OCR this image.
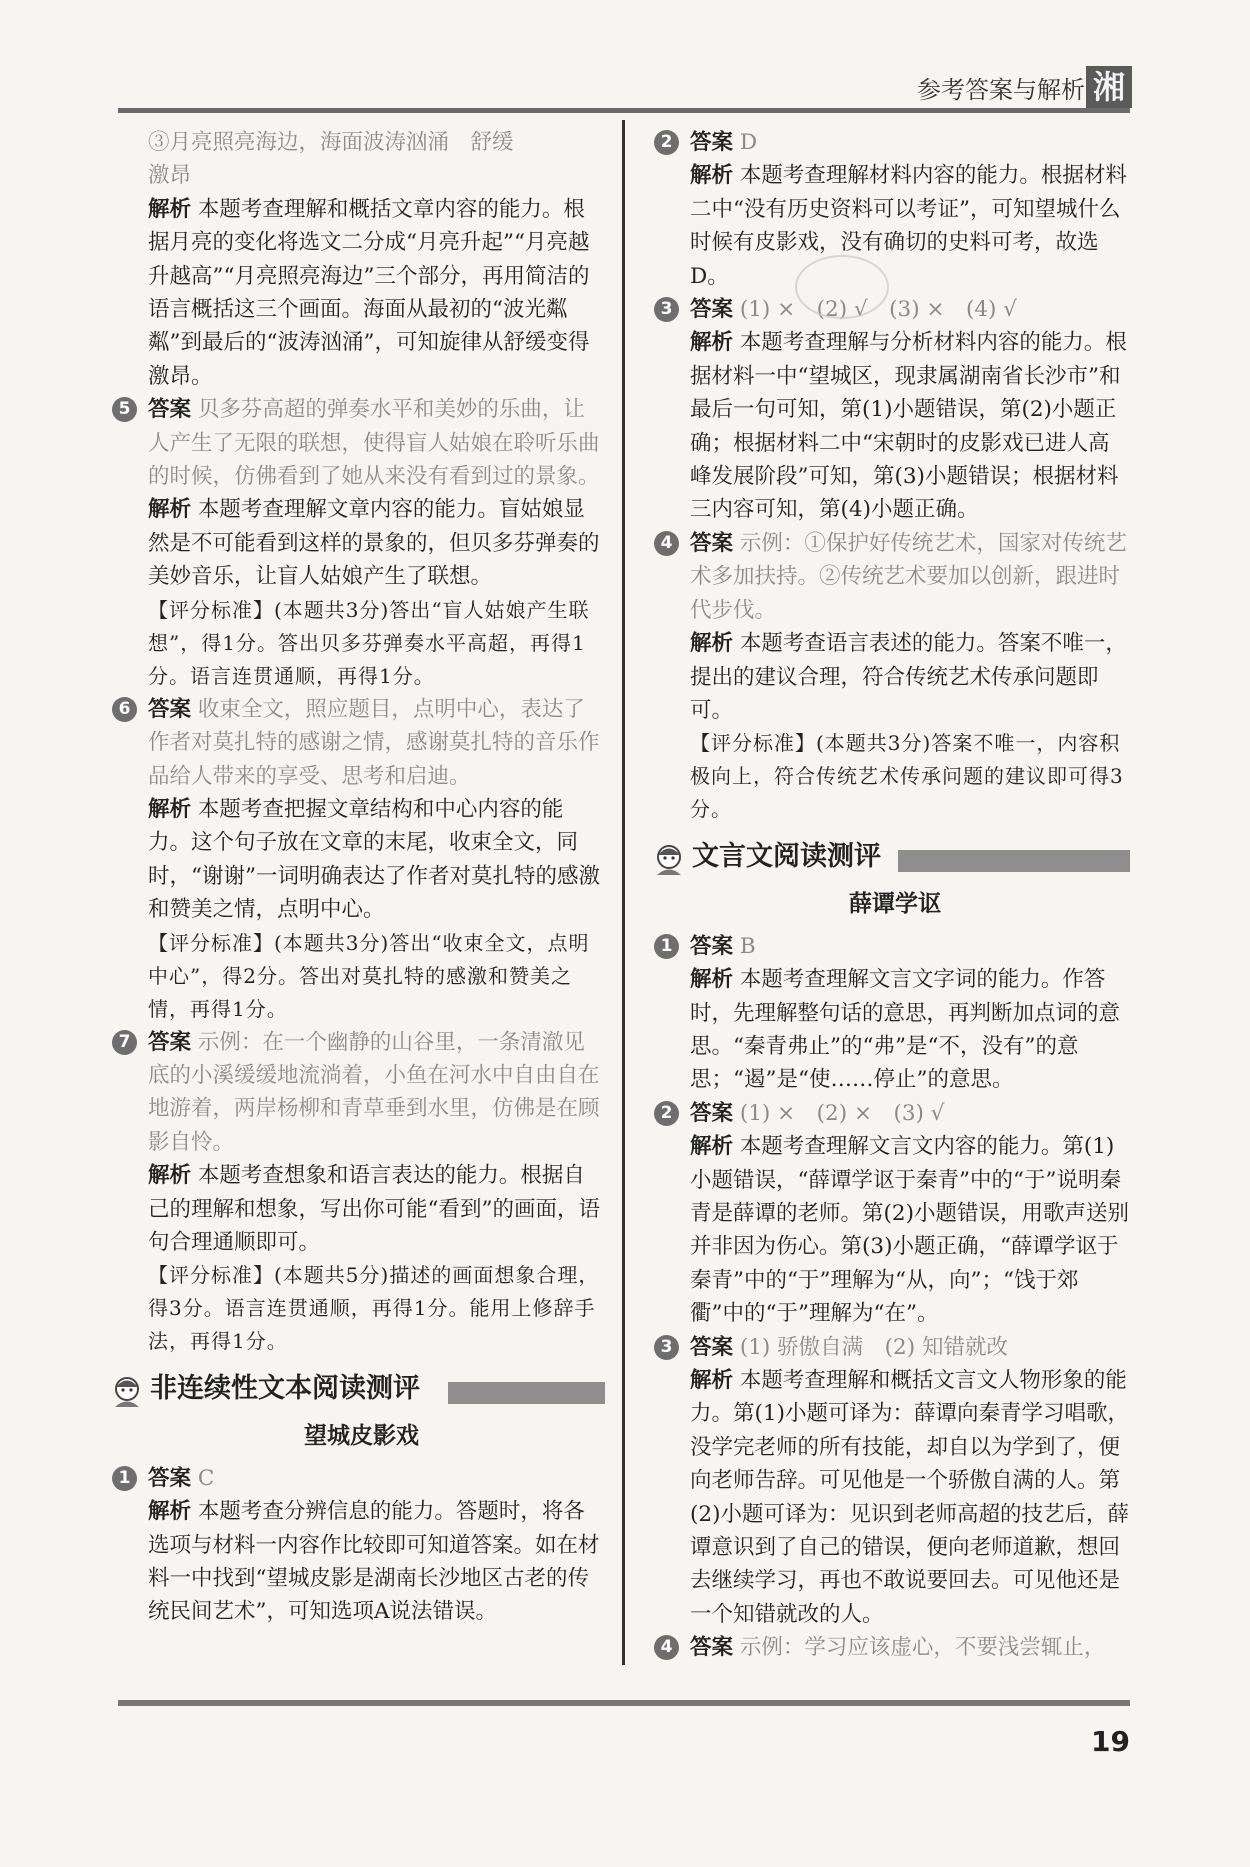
参考答案与解析 湘

③月亮照亮海边，海面波涛汹涌　舒缓

激昂

解析 本题考查理解和概括文章内容的能力。根据月亮的变化将选文二分成“月亮升起”“月亮越升越高”“月亮照亮海边”三个部分，再用简洁的语言概括这三个画面。海面从最初的“波光粼粼”到最后的“波涛汹涌”，可知旋律从舒缓变得激昂。

5 答案 贝多芬高超的弹奏水平和美妙的乐曲，让人产生了无限的联想，使得盲人姑娘在聆听乐曲的时候，仿佛看到了她从来没有看到过的景象。

解析 本题考查理解文章内容的能力。盲姑娘显然是不可能看到这样的景象的，但贝多芬弹奏的美妙音乐，让盲人姑娘产生了联想。

【评分标准】(本题共3分)答出“盲人姑娘产生联想”，得1分。答出贝多芬弹奏水平高超，再得1分。语言连贯通顺，再得1分。

6 答案 收束全文，照应题目，点明中心，表达了作者对莫扎特的感谢之情，感谢莫扎特的音乐作品给人带来的享受、思考和启迪。

解析 本题考查把握文章结构和中心内容的能力。这个句子放在文章的末尾，收束全文，同时，“谢谢”一词明确表达了作者对莫扎特的感激和赞美之情，点明中心。

【评分标准】(本题共3分)答出“收束全文，点明中心”，得2分。答出对莫扎特的感激和赞美之情，再得1分。

7 答案 示例：在一个幽静的山谷里，一条清澈见底的小溪缓缓地流淌着，小鱼在河水中自由自在地游着，两岸杨柳和青草垂到水里，仿佛是在顾影自怜。

解析 本题考查想象和语言表达的能力。根据自己的理解和想象，写出你可能“看到”的画面，语句合理通顺即可。

【评分标准】(本题共5分)描述的画面想象合理，得3分。语言连贯通顺，再得1分。能用上修辞手法，再得1分。

非连续性文本阅读测评
望城皮影戏
1 答案 C

解析 本题考查分辨信息的能力。答题时，将各选项与材料一内容作比较即可知道答案。如在材料一中找到“望城皮影是湖南长沙地区古老的传统民间艺术”，可知选项A说法错误。

2 答案 D

解析 本题考查理解材料内容的能力。根据材料二中“没有历史资料可以考证”，可知望城什么时候有皮影戏，没有确切的史料可考，故选D。

3 答案 (1) ×　(2) √　(3) ×　(4) √

解析 本题考查理解与分析材料内容的能力。根据材料一中“望城区，现隶属湖南省长沙市”和最后一句可知，第(1)小题错误，第(2)小题正确；根据材料二中“宋朝时的皮影戏已进人高峰发展阶段”可知，第(3)小题错误；根据材料三内容可知，第(4)小题正确。

4 答案 示例：①保护好传统艺术，国家对传统艺术多加扶持。②传统艺术要加以创新，跟进时代步伐。

解析 本题考查语言表述的能力。答案不唯一，提出的建议合理，符合传统艺术传承问题即可。

【评分标准】(本题共3分)答案不唯一，内容积极向上，符合传统艺术传承问题的建议即可得3分。

文言文阅读测评
薛谭学讴
1 答案 B

解析 本题考查理解文言文字词的能力。作答时，先理解整句话的意思，再判断加点词的意思。“秦青弗止”的“弗”是“不，没有”的意思；“遏”是“使……停止”的意思。

2 答案 (1) ×　(2) ×　(3) √

解析 本题考查理解文言文内容的能力。第(1)小题错误，“薛谭学讴于秦青”中的“于”说明秦青是薛谭的老师。第(2)小题错误，用歌声送别并非因为伤心。第(3)小题正确，“薛谭学讴于秦青”中的“于”理解为“从，向”；“饯于郊衢”中的“于”理解为“在”。

3 答案 (1) 骄傲自满　(2) 知错就改

解析 本题考查理解和概括文言文人物形象的能力。第(1)小题可译为：薛谭向秦青学习唱歌，没学完老师的所有技能，却自以为学到了，便向老师告辞。可见他是一个骄傲自满的人。第(2)小题可译为：见识到老师高超的技艺后，薛谭意识到了自己的错误，便向老师道歉，想回去继续学习，再也不敢说要回去。可见他还是一个知错就改的人。

4 答案 示例：学习应该虚心，不要浅尝辄止，

19
